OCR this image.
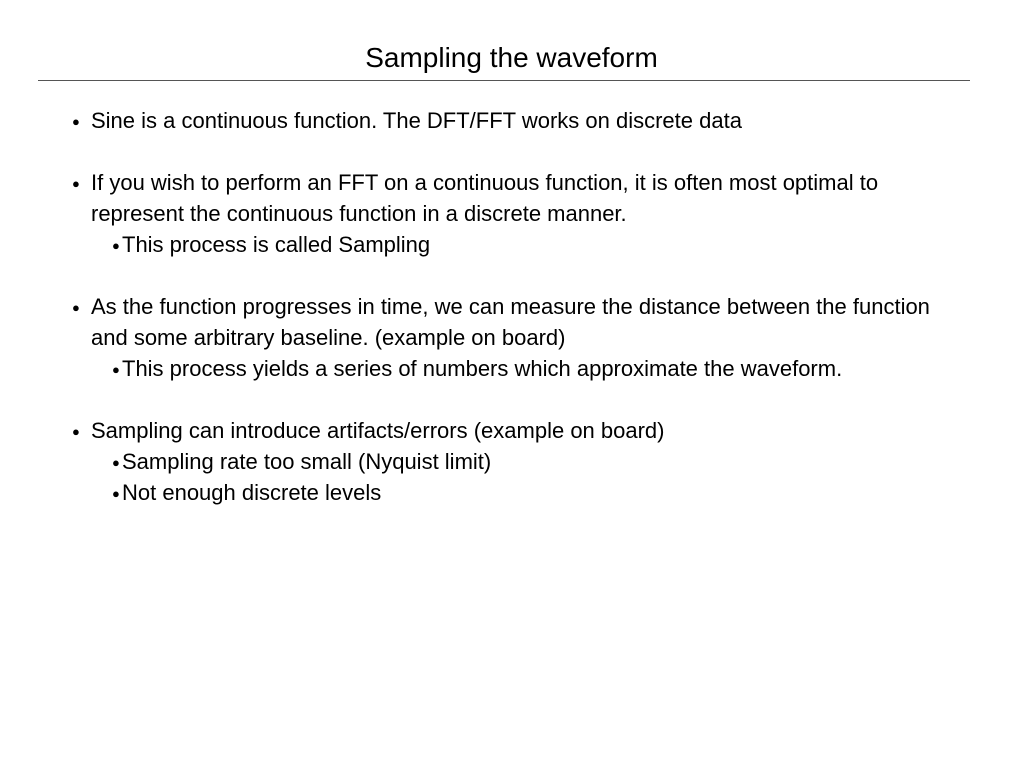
Sampling the waveform

● Sine is a continuous function. The DFT/FFT works on discrete data

● If you wish to perform an FFT on a continuous function, it is often most optimal to represent the continuous function in a discrete manner.

● This process is called Sampling

● As the function progresses in time, we can measure the distance between the function and some arbitrary baseline. (example on board)

● This process yields a series of numbers which approximate the waveform.

● Sampling can introduce artifacts/errors (example on board)

● Sampling rate too small (Nyquist limit)

● Not enough discrete levels
